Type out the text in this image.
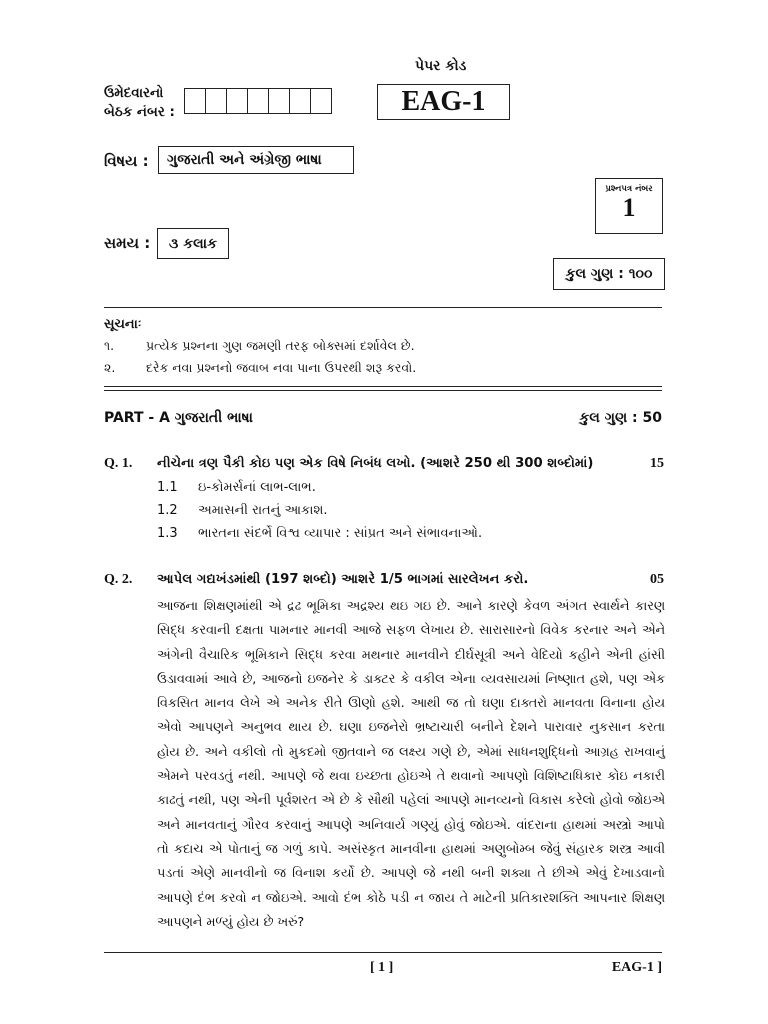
પેપર કોડ
ઉમેદવારનો
બેઠક નંબર :	EAG-1
વિષય :	ગુજરાતી અને અંગ્રેજી ભાષા
પ્રશ્નપત્ર નંબર
1
સમય :	૩ કલાક
કુલ ગુણ : ૧૦૦
સૂચનાઃ
૧.	પ્રત્યેક પ્રશ્નના ગુણ જમણી તરફ બોક્સમાં દર્શાવેલ છે.
૨. દરેક નવા પ્રશ્નનો જવાબ નવા પાના ઉપરથી શરૂ કરવો.
PART - A ગુજરાતી ભાષા	કુલ ગુણ : 50
Q. 1. નીચેના ત્રણ પૈકી કોઇ પણ એક વિષે નિબંધ લખો. (આશરે 250 થી 300 શબ્દોમાં)	15
1.1 ઇ-કોમર્સનાં લાભ-લાભ.
1.2 અમાસની રાતનું આકાશ.
1.3 ભારતના સંદર્ભે વિશ્વ વ્યાપાર : સાંપ્રત અને સંભાવનાઓ.
Q. 2. આપેલ ગદ્યખંડમાંથી (197 શબ્દો) આશરે 1/5 ભાગમાં સારલેખન કરો.	05
આજના શિક્ષણમાંથી એ દ્રઢ ભૂમિકા અદ્રશ્ય થઇ ગઇ છે. આને કારણે કેવળ અંગત સ્વાર્થને કારણ
સિદ્ધ કરવાની દક્ષતા પામનાર માનવી આજે સફળ લેખાય છે. સારાસારનો વિવેક કરનાર અને એને
અંગેની વૈચારિક ભૂમિકાને સિદ્ધ કરવા મથનાર માનવીને દીર્ઘસૂત્રી અને વેદિયો કહીને એની હાંસી
ઉડાવવામાં આવે છે, આજનો ઇજનેર કે ડાક્ટર કે વકીલ એના વ્યવસાયમાં નિષ્ણાત હશે, પણ એક
વિકસિત માનવ લેખે એ અનેક રીતે ઊણો હશે. આથી જ તો ઘણા દાક્તરો માનવતા વિનાના હોય
એવો આપણને અનુભવ થાય છે. ઘણા ઇજનેરો ભ્રષ્ટાચારી બનીને દેશને પારાવાર નુકસાન કરતા
હોય છે. અને વકીલો તો મુકદમો જીતવાને જ લક્ષ્ય ગણે છે, એમાં સાધનશુદ્ધિનો આગ્રહ રાખવાનું
એમને પરવડતું નથી. આપણે જે થવા ઇચ્છતા હોઇએ તે થવાનો આપણો વિશિષ્ટાધિકાર કોઇ નકારી
કાઢતું નથી, પણ એની પૂર્વશરત એ છે કે સૌથી પહેલાં આપણે માનવ્યનો વિકાસ કરેલો હોવો જોઇએ
અને માનવતાનું ગૌરવ કરવાનું આપણે અનિવાર્ય ગણ્યું હોવું જોઇએ. વાંદરાના હાથમાં અસ્ત્રો આપો
તો કદાચ એ પોતાનું જ ગળું કાપે. અસંસ્કૃત માનવીના હાથમાં અણુબોમ્બ જેવું સંહારક શસ્ત્ર આવી
પડતાં એણે માનવીનો જ વિનાશ કર્યો છે. આપણે જે નથી બની શક્યા તે છીએ એવું દેખાડવાનો
આપણે દંભ કરવો ન જોઇએ. આવો દંભ કોઠે પડી ન જાય તે માટેની પ્રતિકારશક્તિ આપનાર શિક્ષણ
આપણને મળ્યું હોય છે ખરું?
[ 1 ]	EAG-1 ]
